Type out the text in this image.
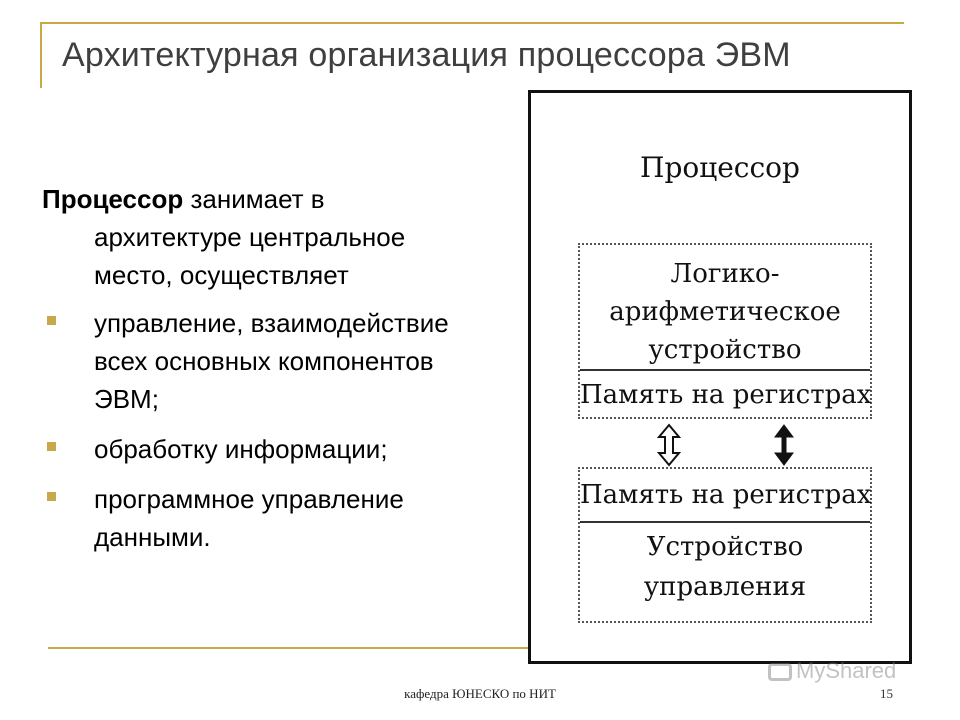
Архитектурная организация процессора ЭВМ
Процессор занимает в
архитектуре центральное
место, осуществляет
управление, взаимодействие
всех основных компонентов
ЭВМ;
обработку информации;
программное управление
данными.
Процессор
Логико-
арифметическое
устройство
Память на регистрах
Память на регистрах
Устройство
управления
MyShared
кафедра ЮНЕСКО по НИТ	15
